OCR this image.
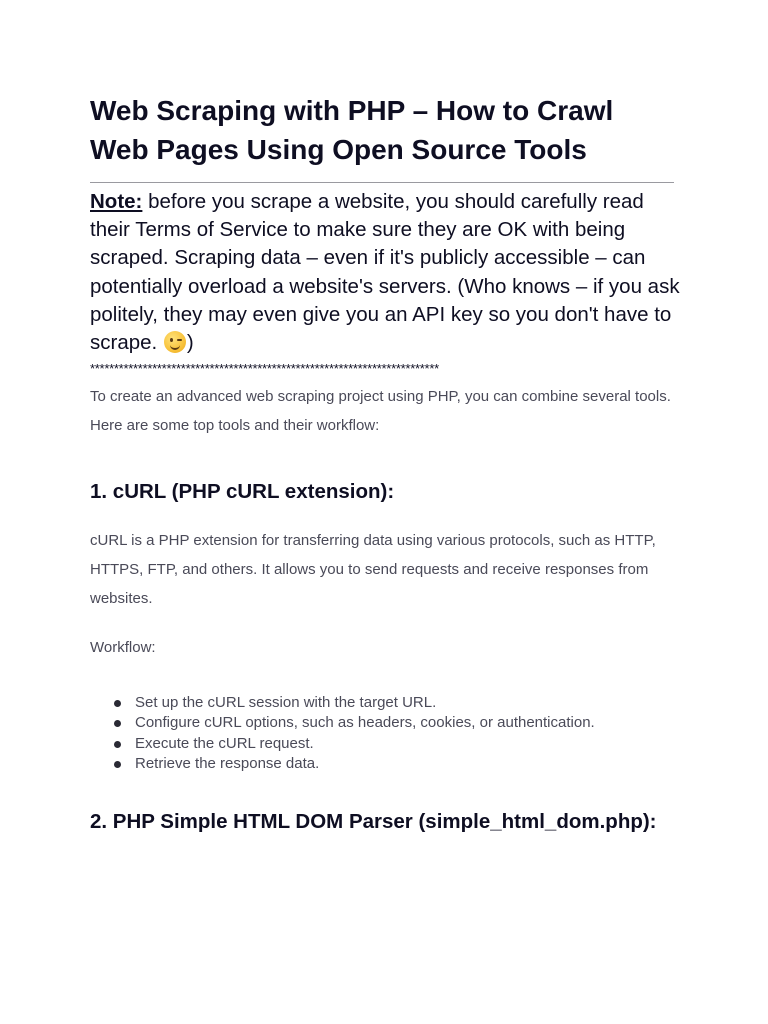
Web Scraping with PHP – How to Crawl Web Pages Using Open Source Tools

Note: before you scrape a website, you should carefully read their Terms of Service to make sure they are OK with being scraped. Scraping data – even if it's publicly accessible – can potentially overload a website's servers. (Who knows – if you ask politely, they may even give you an API key so you don't have to scrape.
)

*************************************************************************

To create an advanced web scraping project using PHP, you can combine several tools. Here are some top tools and their workflow:

1. cURL (PHP cURL extension):

cURL is a PHP extension for transferring data using various protocols, such as HTTP, HTTPS, FTP, and others. It allows you to send requests and receive responses from websites.

Workflow:

Set up the cURL session with the target URL.
Configure cURL options, such as headers, cookies, or authentication.
Execute the cURL request.
Retrieve the response data.
2. PHP Simple HTML DOM Parser (simple_html_dom.php):
